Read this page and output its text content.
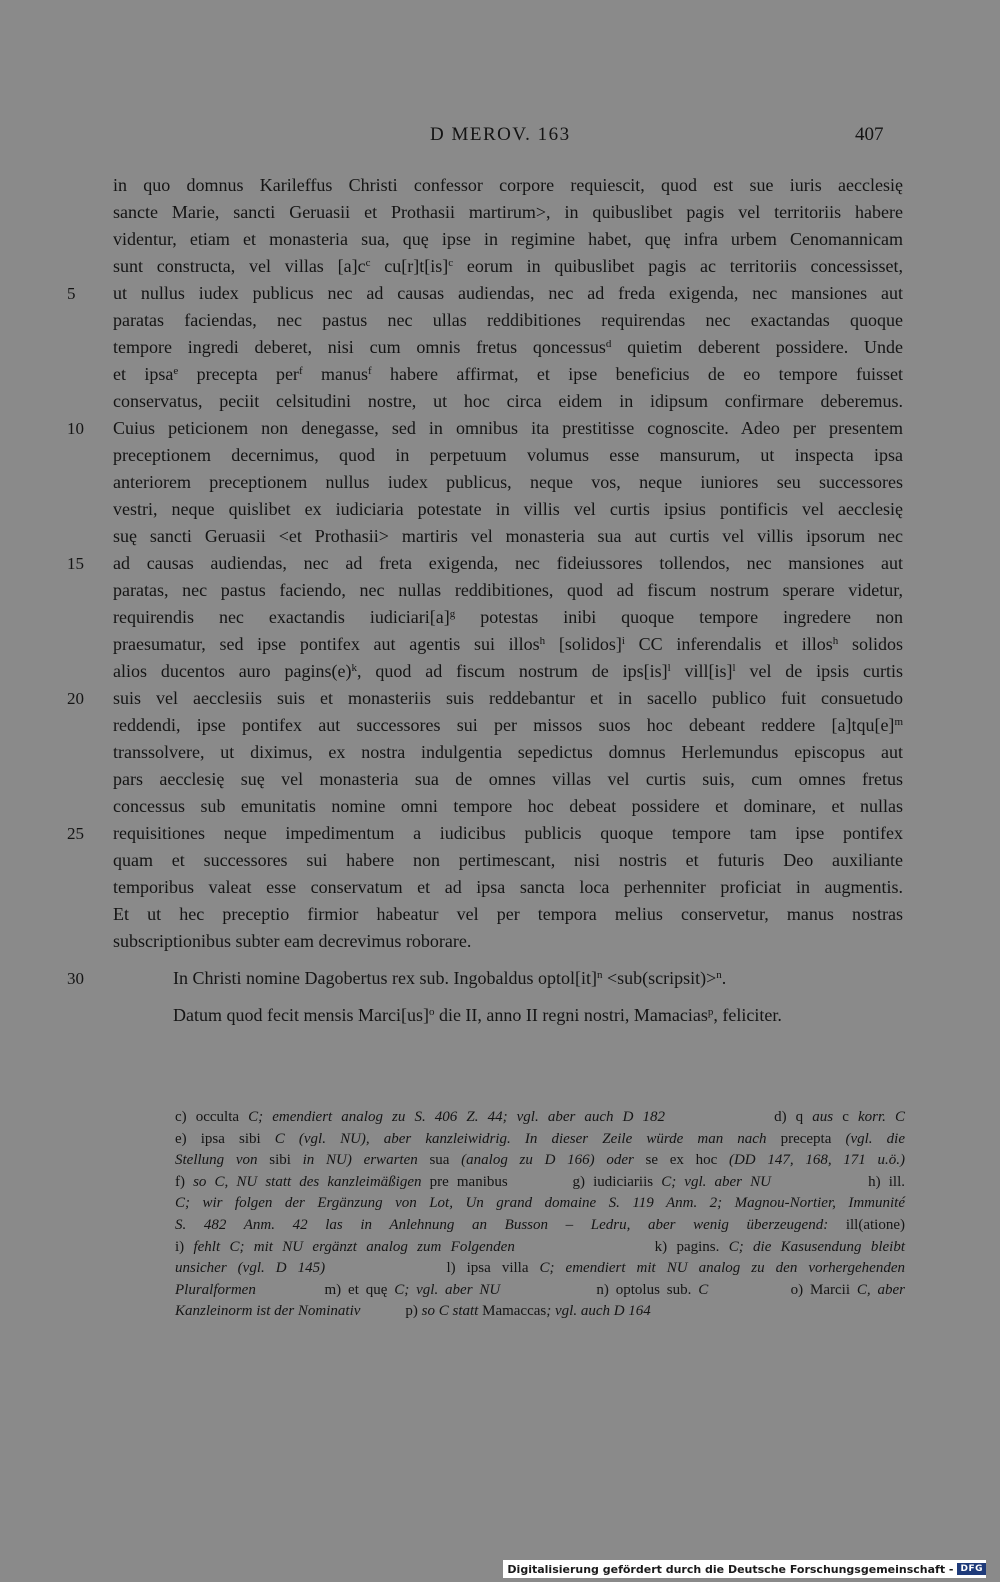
D MEROV. 163	407
in quo domnus Karileffus Christi confessor corpore requiescit, quod est sue iuris aecclesię
sancte Marie, sancti Geruasii et Prothasii martirum>, in quibuslibet pagis vel territoriis habere
videntur, etiam et monasteria sua, quę ipse in regimine habet, quę infra urbem Cenomannicam
sunt constructa, vel villas $[a]c^c$ cu[r]t[is]$^c$ eorum in quibuslibet pagis ac territoriis concessisset,
5	ut nullus iudex publicus nec ad causas audiendas, nec ad freda exigenda, nec mansiones aut
paratas faciendas, nec pastus nec ullas reddibitiones requirendas nec exactandas quoque
tempore ingredi deberet, nisi cum omnis fretus qoncessus$^d$ quietim deberent possidere. Unde
et ipsa$^e$ precepta per$^f$ manus$^f$ habere affirmat, et ipse beneficius de eo tempore fuisset
conservatus, peciit celsitudini nostre, ut hoc circa eidem in idipsum confirmare deberemus.
10	Cuius peticionem non denegasse, sed in omnibus ita prestitisse cognoscite. Adeo per presentem
preceptionem decernimus, quod in perpetuum volumus esse mansurum, ut inspecta ipsa
anteriorem preceptionem nullus iudex publicus, neque vos, neque iuniores seu successores
vestri, neque quislibet ex iudiciaria potestate in villis vel curtis ipsius pontificis vel aecclesię
suę sancti Geruasii <et Prothasii> martiris vel monasteria sua aut curtis vel villis ipsorum nec
15	ad causas audiendas, nec ad freta exigenda, nec fideiussores tollendos, nec mansiones aut
paratas, nec pastus faciendo, nec nullas reddibitiones, quod ad fiscum nostrum sperare videtur,
requirendis nec exactandis $iudiciari[a]^g$ potestas inibi quoque tempore ingredere non
praesumatur, sed ipse pontifex aut agentis sui illos$^h$ [solidos]$^i$ CC inferendalis et illos$^h$ solidos
alios ducentos auro $pagins(e)^k$, quod ad fiscum nostrum de ips[is]$^l$ vill[is]$^l$ vel de ipsis curtis
20	suis vel aecclesiis suis et monasteriis suis reddebantur et in sacello publico fuit consuetudo
reddendi, ipse pontifex aut successores sui per missos suos hoc debeant reddere $[a]tqu[e]^m$
transsolvere, ut diximus, ex nostra indulgentia sepedictus domnus Herlemundus episcopus aut
pars aecclesię suę vel monasteria sua de omnes villas vel curtis suis, cum omnes fretus
concessus sub emunitatis nomine omni tempore hoc debeat possidere et dominare, et nullas
25	requisitiones neque impedimentum a iudicibus publicis quoque tempore tam ipse pontifex
quam et successores sui habere non pertimescant, nisi nostris et futuris Deo auxiliante
temporibus valeat esse conservatum et ad ipsa sancta loca perhenniter proficiat in augmentis.
Et ut hec preceptio firmior habeatur vel per tempora melius conservetur, manus nostras
subscriptionibus subter eam decrevimus roborare.
30	In Christi nomine Dagobertus rex sub. Ingobaldus optol[it]$^n$ <sub(scripsit)>$^n$.
Datum quod fecit mensis Marci[us]$^o$ die II, anno II regni nostri, Mamacias$^p$, feliciter.
c) occulta C; emendiert analog zu S. 406 Z. 44; vgl. aber auch D 182            d) q aus c korr. C
e) ipsa sibi C (vgl. NU), aber kanzleiwidrig. In dieser Zeile würde man nach precepta (vgl. die
Stellung von sibi in NU) erwarten sua (analog zu D 166) oder se ex hoc (DD 147, 168, 171 u.ö.)
f) so C, NU statt des kanzleimäßigen pre manibus        g) iudiciariis C; vgl. aber NU            h) ill.
C; wir folgen der Ergänzung von Lot, Un grand domaine S. 119 Anm. 2; Magnou-Nortier, Immunité
S. 482 Anm. 42 las in Anlehnung an Busson – Ledru, aber wenig überzeugend: ill(atione)
i) fehlt C; mit NU ergänzt analog zum Folgenden               k) pagins. C; die Kasusendung bleibt
unsicher (vgl. D 145)           l) ipsa villa C; emendiert mit NU analog zu den vorhergehenden
Pluralformen          m) et quę C; vgl. aber NU              n) optolus sub. C            o) Marcii C, aber
Kanzleinorm ist der Nominativ            p) so C statt Mamaccas; vgl. auch D 164
Digitalisierung gefördert durch die Deutsche Forschungsgemeinschaft - DFG
